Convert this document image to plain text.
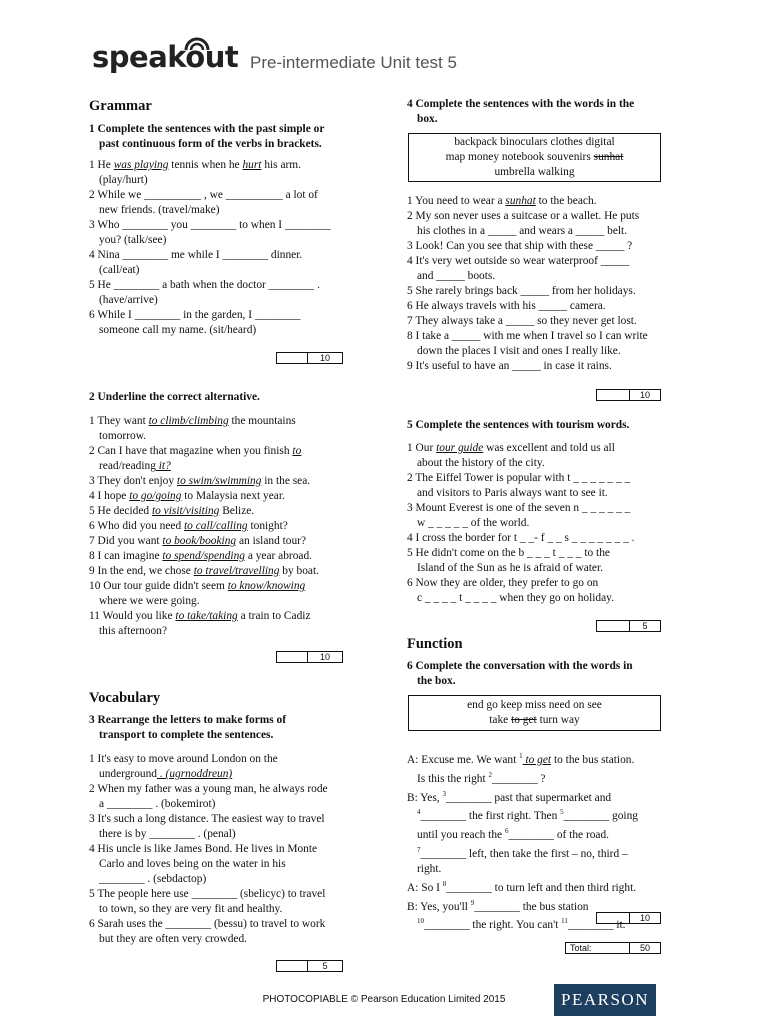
speakout Pre-intermediate Unit test 5
Grammar
1 Complete the sentences with the past simple or
past continuous form of the verbs in brackets.
1 He was playing tennis when he hurt his arm.
(play/hurt)
2 While we __________ , we __________ a lot of
new friends. (travel/make)
3 Who ________ you ________ to when I ________
you? (talk/see)
4 Nina ________ me while I ________ dinner.
(call/eat)
5 He ________ a bath when the doctor ________ .
(have/arrive)
6 While I ________ in the garden, I ________
someone call my name. (sit/heard)
10
2 Underline the correct alternative.
1 They want to climb/climbing the mountains
tomorrow.
2 Can I have that magazine when you finish to
read/reading it?
3 They don't enjoy to swim/swimming in the sea.
4 I hope to go/going to Malaysia next year.
5 He decided to visit/visiting Belize.
6 Who did you need to call/calling tonight?
7 Did you want to book/booking an island tour?
8 I can imagine to spend/spending a year abroad.
9 In the end, we chose to travel/travelling by boat.
10 Our tour guide didn't seem to know/knowing
where we were going.
11 Would you like to take/taking a train to Cadiz
this afternoon?
10
Vocabulary
3 Rearrange the letters to make forms of
transport to complete the sentences.
1 It's easy to move around London on the
underground . (ugrnoddreun)
2 When my father was a young man, he always rode
a ________ . (bokemirot)
3 It's such a long distance. The easiest way to travel
there is by ________ . (penal)
4 His uncle is like James Bond. He lives in Monte
Carlo and loves being on the water in his
________ . (sebdactop)
5 The people here use ________ (sbelicyc) to travel
to town, so they are very fit and healthy.
6 Sarah uses the ________ (bessu) to travel to work
but they are often very crowded.
5
4 Complete the sentences with the words in the
box.
backpack binoculars clothes digital
map money notebook souvenirs sunhat
umbrella walking
1 You need to wear a sunhat to the beach.
2 My son never uses a suitcase or a wallet. He puts
his clothes in a _____ and wears a _____ belt.
3 Look! Can you see that ship with these _____ ?
4 It's very wet outside so wear waterproof _____
and _____ boots.
5 She rarely brings back _____ from her holidays.
6 He always travels with his _____ camera.
7 They always take a _____ so they never get lost.
8 I take a _____ with me when I travel so I can write
down the places I visit and ones I really like.
9 It's useful to have an _____ in case it rains.
10
5 Complete the sentences with tourism words.
1 Our tour guide was excellent and told us all
about the history of the city.
2 The Eiffel Tower is popular with t _ _ _ _ _ _ _
and visitors to Paris always want to see it.
3 Mount Everest is one of the seven n _ _ _ _ _ _
w _ _ _ _ _ of the world.
4 I cross the border for t _ _- f _ _ s _ _ _ _ _ _ _ .
5 He didn't come on the b _ _ _ t _ _ _ to the
Island of the Sun as he is afraid of water.
6 Now they are older, they prefer to go on
c _ _ _ _ t _ _ _ _ when they go on holiday.
5
Function
6 Complete the conversation with the words in
the box.
end go keep miss need on see
take to get turn way
A: Excuse me. We want $^1$ to get to the bus station.
Is this the right $^2$________ ?
B: Yes, $^3$________ past that supermarket and
$^4$________ the first right. Then $^5$________ going
until you reach the $^6$________ of the road.
$^7$________ left, then take the first – no, third –
right.
A: So I $^8$________ to turn left and then third right.
B: Yes, you'll $^9$________ the bus station
$^{10}$________ the right. You can't $^{11}$________ it.
10
Total:	50
PHOTOCOPIABLE © Pearson Education Limited 2015	PEARSON
